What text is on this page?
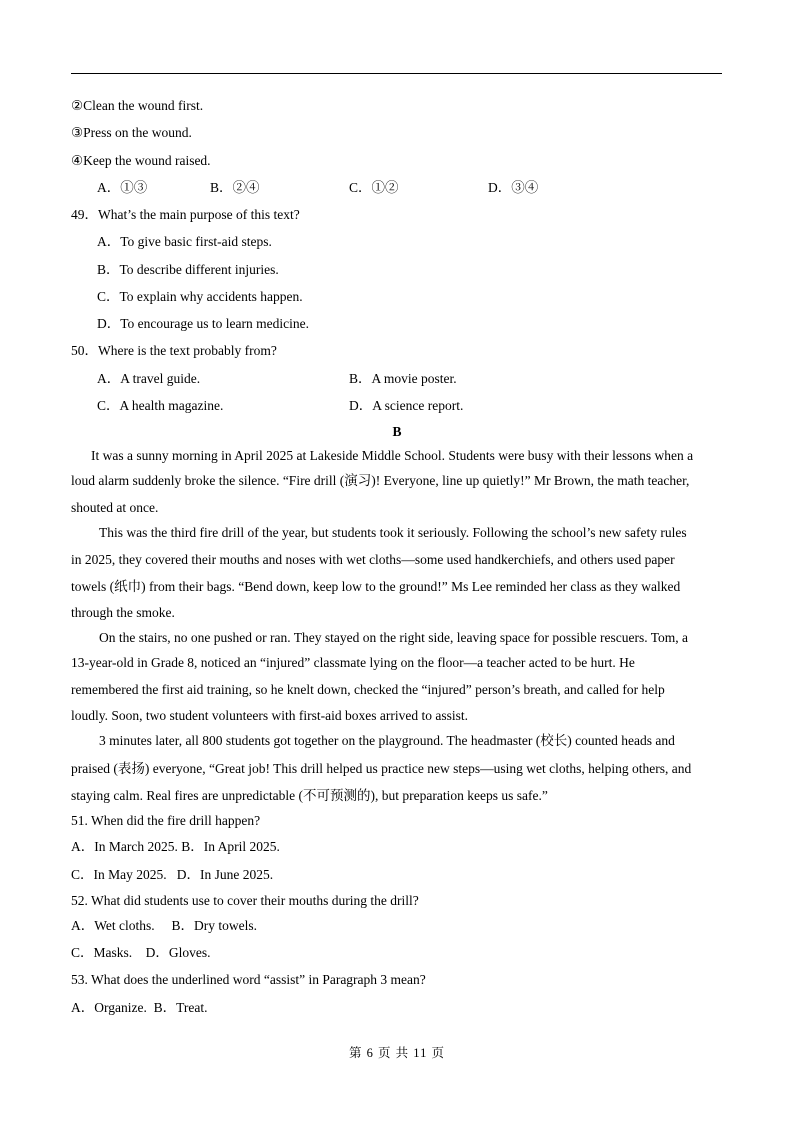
②Clean the wound first.
③Press on the wound.
④Keep the wound raised.
A．①③	B．②④	C．①②	D．③④
49．What’s the main purpose of this text?
A．To give basic first-aid steps.
B．To describe different injuries.
C．To explain why accidents happen.
D．To encourage us to learn medicine.
50．Where is the text probably from?
A．A travel guide.	B．A movie poster.
C．A health magazine.	D．A science report.
B
It was a sunny morning in April 2025 at Lakeside Middle School. Students were busy with their lessons when a
loud alarm suddenly broke the silence. “Fire drill (演习)! Everyone, line up quietly!” Mr Brown, the math teacher,
shouted at once.
This was the third fire drill of the year, but students took it seriously. Following the school’s new safety rules
in 2025, they covered their mouths and noses with wet cloths—some used handkerchiefs, and others used paper
towels (纸巾) from their bags. “Bend down, keep low to the ground!” Ms Lee reminded her class as they walked
through the smoke.
On the stairs, no one pushed or ran. They stayed on the right side, leaving space for possible rescuers. Tom, a
13-year-old in Grade 8, noticed an “injured” classmate lying on the floor—a teacher acted to be hurt. He
remembered the first aid training, so he knelt down, checked the “injured” person’s breath, and called for help
loudly. Soon, two student volunteers with first-aid boxes arrived to assist.
3 minutes later, all 800 students got together on the playground. The headmaster (校长) counted heads and
praised (表扬) everyone, “Great job! This drill helped us practice new steps—using wet cloths, helping others, and
staying calm. Real fires are unpredictable (不可预测的), but preparation keeps us safe.”
51. When did the fire drill happen?
A．In March 2025. B．In April 2025.
C．In May 2025.   D．In June 2025.
52. What did students use to cover their mouths during the drill?
A．Wet cloths.     B．Dry towels.
C．Masks.    D．Gloves.
53. What does the underlined word “assist” in Paragraph 3 mean?
A．Organize.  B．Treat.
第 6 页 共 11 页
